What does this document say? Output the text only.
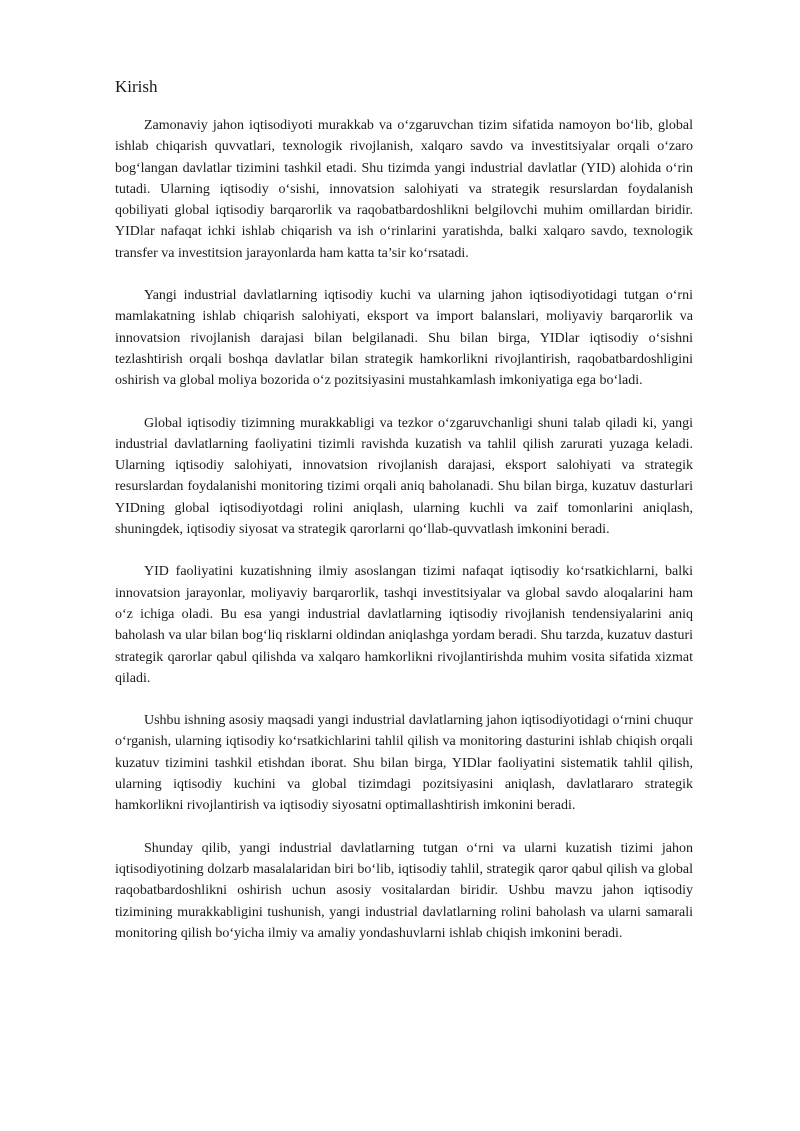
Kirish

Zamonaviy jahon iqtisodiyoti murakkab va o‘zgaruvchan tizim sifatida namoyon bo‘lib, global ishlab chiqarish quvvatlari, texnologik rivojlanish, xalqaro savdo va investitsiyalar orqali o‘zaro bog‘langan davlatlar tizimini tashkil etadi. Shu tizimda yangi industrial davlatlar (YID) alohida o‘rin tutadi. Ularning iqtisodiy o‘sishi, innovatsion salohiyati va strategik resurslardan foydalanish qobiliyati global iqtisodiy barqarorlik va raqobatbardoshlikni belgilovchi muhim omillardan biridir. YIDlar nafaqat ichki ishlab chiqarish va ish o‘rinlarini yaratishda, balki xalqaro savdo, texnologik transfer va investitsion jarayonlarda ham katta ta’sir ko‘rsatadi.

Yangi industrial davlatlarning iqtisodiy kuchi va ularning jahon iqtisodiyotidagi tutgan o‘rni mamlakatning ishlab chiqarish salohiyati, eksport va import balanslari, moliyaviy barqarorlik va innovatsion rivojlanish darajasi bilan belgilanadi. Shu bilan birga, YIDlar iqtisodiy o‘sishni tezlashtirish orqali boshqa davlatlar bilan strategik hamkorlikni rivojlantirish, raqobatbardoshligini oshirish va global moliya bozorida o‘z pozitsiyasini mustahkamlash imkoniyatiga ega bo‘ladi.

Global iqtisodiy tizimning murakkabligi va tezkor o‘zgaruvchanligi shuni talab qiladi ki, yangi industrial davlatlarning faoliyatini tizimli ravishda kuzatish va tahlil qilish zarurati yuzaga keladi. Ularning iqtisodiy salohiyati, innovatsion rivojlanish darajasi, eksport salohiyati va strategik resurslardan foydalanishi monitoring tizimi orqali aniq baholanadi. Shu bilan birga, kuzatuv dasturlari YIDning global iqtisodiyotdagi rolini aniqlash, ularning kuchli va zaif tomonlarini aniqlash, shuningdek, iqtisodiy siyosat va strategik qarorlarni qo‘llab-quvvatlash imkonini beradi.

YID faoliyatini kuzatishning ilmiy asoslangan tizimi nafaqat iqtisodiy ko‘rsatkichlarni, balki innovatsion jarayonlar, moliyaviy barqarorlik, tashqi investitsiyalar va global savdo aloqalarini ham o‘z ichiga oladi. Bu esa yangi industrial davlatlarning iqtisodiy rivojlanish tendensiyalarini aniq baholash va ular bilan bog‘liq risklarni oldindan aniqlashga yordam beradi. Shu tarzda, kuzatuv dasturi strategik qarorlar qabul qilishda va xalqaro hamkorlikni rivojlantirishda muhim vosita sifatida xizmat qiladi.

Ushbu ishning asosiy maqsadi yangi industrial davlatlarning jahon iqtisodiyotidagi o‘rnini chuqur o‘rganish, ularning iqtisodiy ko‘rsatkichlarini tahlil qilish va monitoring dasturini ishlab chiqish orqali kuzatuv tizimini tashkil etishdan iborat. Shu bilan birga, YIDlar faoliyatini sistematik tahlil qilish, ularning iqtisodiy kuchini va global tizimdagi pozitsiyasini aniqlash, davlatlararo strategik hamkorlikni rivojlantirish va iqtisodiy siyosatni optimallashtirish imkonini beradi.

Shunday qilib, yangi industrial davlatlarning tutgan o‘rni va ularni kuzatish tizimi jahon iqtisodiyotining dolzarb masalalaridan biri bo‘lib, iqtisodiy tahlil, strategik qaror qabul qilish va global raqobatbardoshlikni oshirish uchun asosiy vositalardan biridir. Ushbu mavzu jahon iqtisodiy tizimining murakkabligini tushunish, yangi industrial davlatlarning rolini baholash va ularni samarali monitoring qilish bo‘yicha ilmiy va amaliy yondashuvlarni ishlab chiqish imkonini beradi.
